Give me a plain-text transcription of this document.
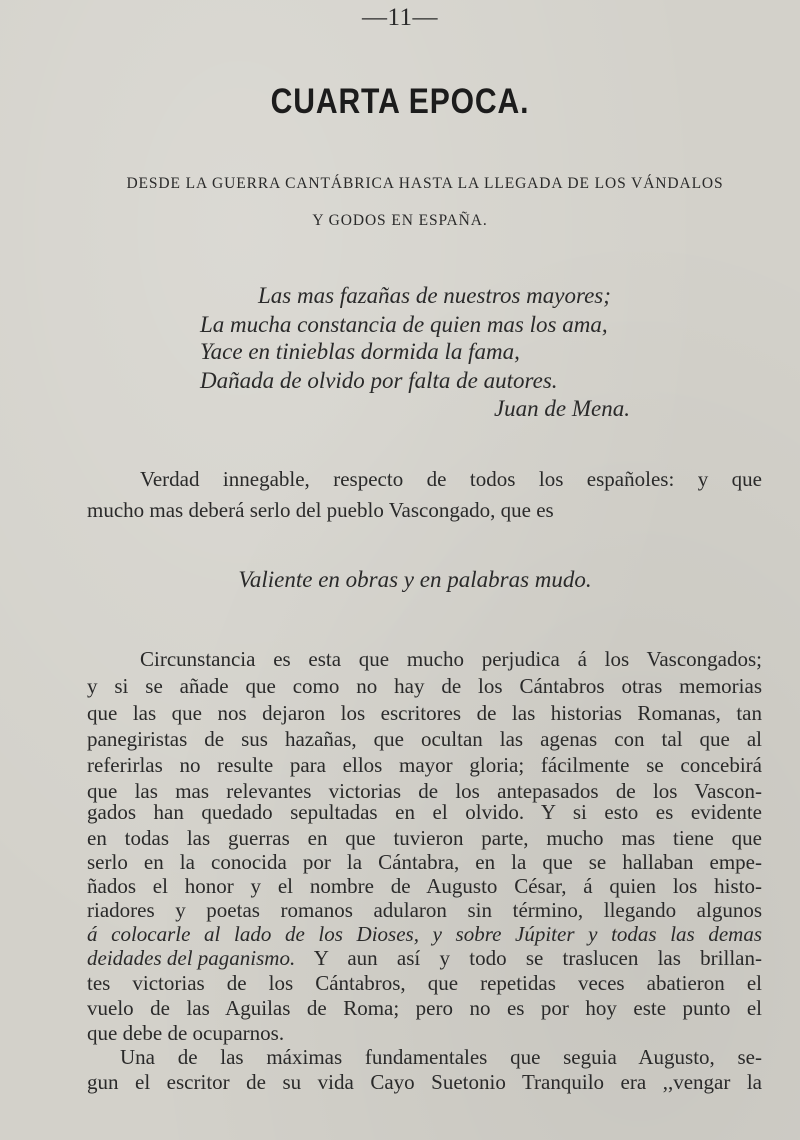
—11—

CUARTA EPOCA.

DESDE LA GUERRA CANTÁBRICA HASTA LA LLEGADA DE LOS VÁNDALOS

Y GODOS EN ESPAÑA.

Las mas fazañas de nuestros mayores;

La mucha constancia de quien mas los ama,

Yace en tinieblas dormida la fama,

Dañada de olvido por falta de autores.

Juan de Mena.

Verdad innegable, respecto de todos los españoles: y que

mucho mas deberá serlo del pueblo Vascongado, que es

Valiente en obras y en palabras mudo.

Circunstancia es esta que mucho perjudica á los Vascongados;

y si se añade que como no hay de los Cántabros otras memorias

que las que nos dejaron los escritores de las historias Romanas, tan

panegiristas de sus hazañas, que ocultan las agenas con tal que al

referirlas no resulte para ellos mayor gloria; fácilmente se concebirá

que las mas relevantes victorias de los antepasados de los Vascon-

gados han quedado sepultadas en el olvido. Y si esto es evidente

en todas las guerras en que tuvieron parte, mucho mas tiene que

serlo en la conocida por la Cántabra, en la que se hallaban empe-

ñados el honor y el nombre de Augusto César, á quien los histo-

riadores y poetas romanos adularon sin término, llegando algunos

á colocarle al lado de los Dioses, y sobre Júpiter y todas las demas

deidades del paganismo. Y aun así y todo se traslucen las brillan-

tes victorias de los Cántabros, que repetidas veces abatieron el

vuelo de las Aguilas de Roma; pero no es por hoy este punto el

que debe de ocuparnos.

Una de las máximas fundamentales que seguia Augusto, se-

gun el escritor de su vida Cayo Suetonio Tranquilo era ,,vengar la
